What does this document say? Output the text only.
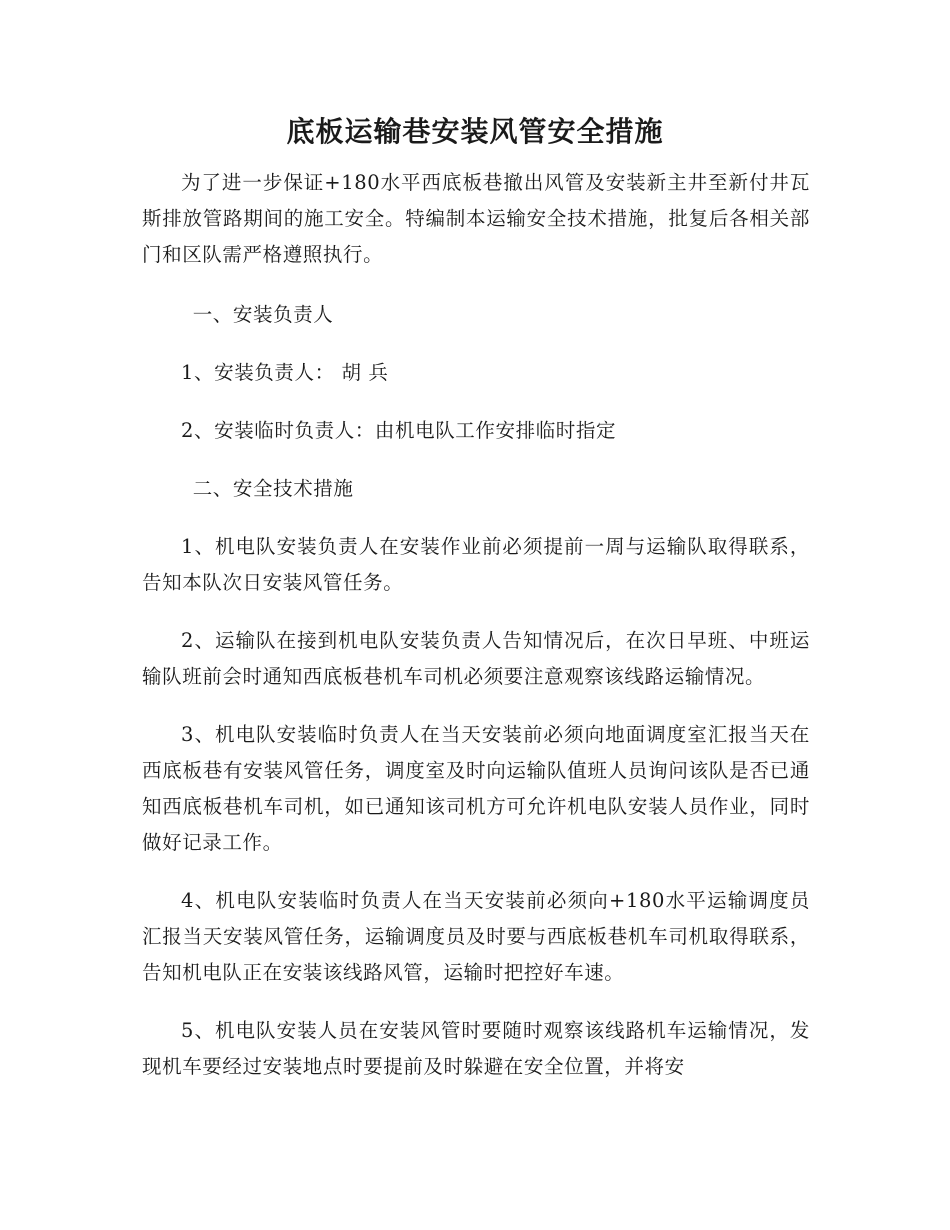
底板运输巷安装风管安全措施

为了进一步保证+180水平西底板巷撤出风管及安装新主井至新付井瓦斯排放管路期间的施工安全。特编制本运输安全技术措施，批复后各相关部门和区队需严格遵照执行。

一、安装负责人

1、安装负责人： 胡 兵

2、安装临时负责人：由机电队工作安排临时指定

二、安全技术措施

1、机电队安装负责人在安装作业前必须提前一周与运输队取得联系，告知本队次日安装风管任务。

2、运输队在接到机电队安装负责人告知情况后，在次日早班、中班运输队班前会时通知西底板巷机车司机必须要注意观察该线路运输情况。

3、机电队安装临时负责人在当天安装前必须向地面调度室汇报当天在西底板巷有安装风管任务，调度室及时向运输队值班人员询问该队是否已通知西底板巷机车司机，如已通知该司机方可允许机电队安装人员作业，同时做好记录工作。

4、机电队安装临时负责人在当天安装前必须向+180水平运输调度员汇报当天安装风管任务，运输调度员及时要与西底板巷机车司机取得联系，告知机电队正在安装该线路风管，运输时把控好车速。

5、机电队安装人员在安装风管时要随时观察该线路机车运输情况，发现机车要经过安装地点时要提前及时躲避在安全位置，并将安
